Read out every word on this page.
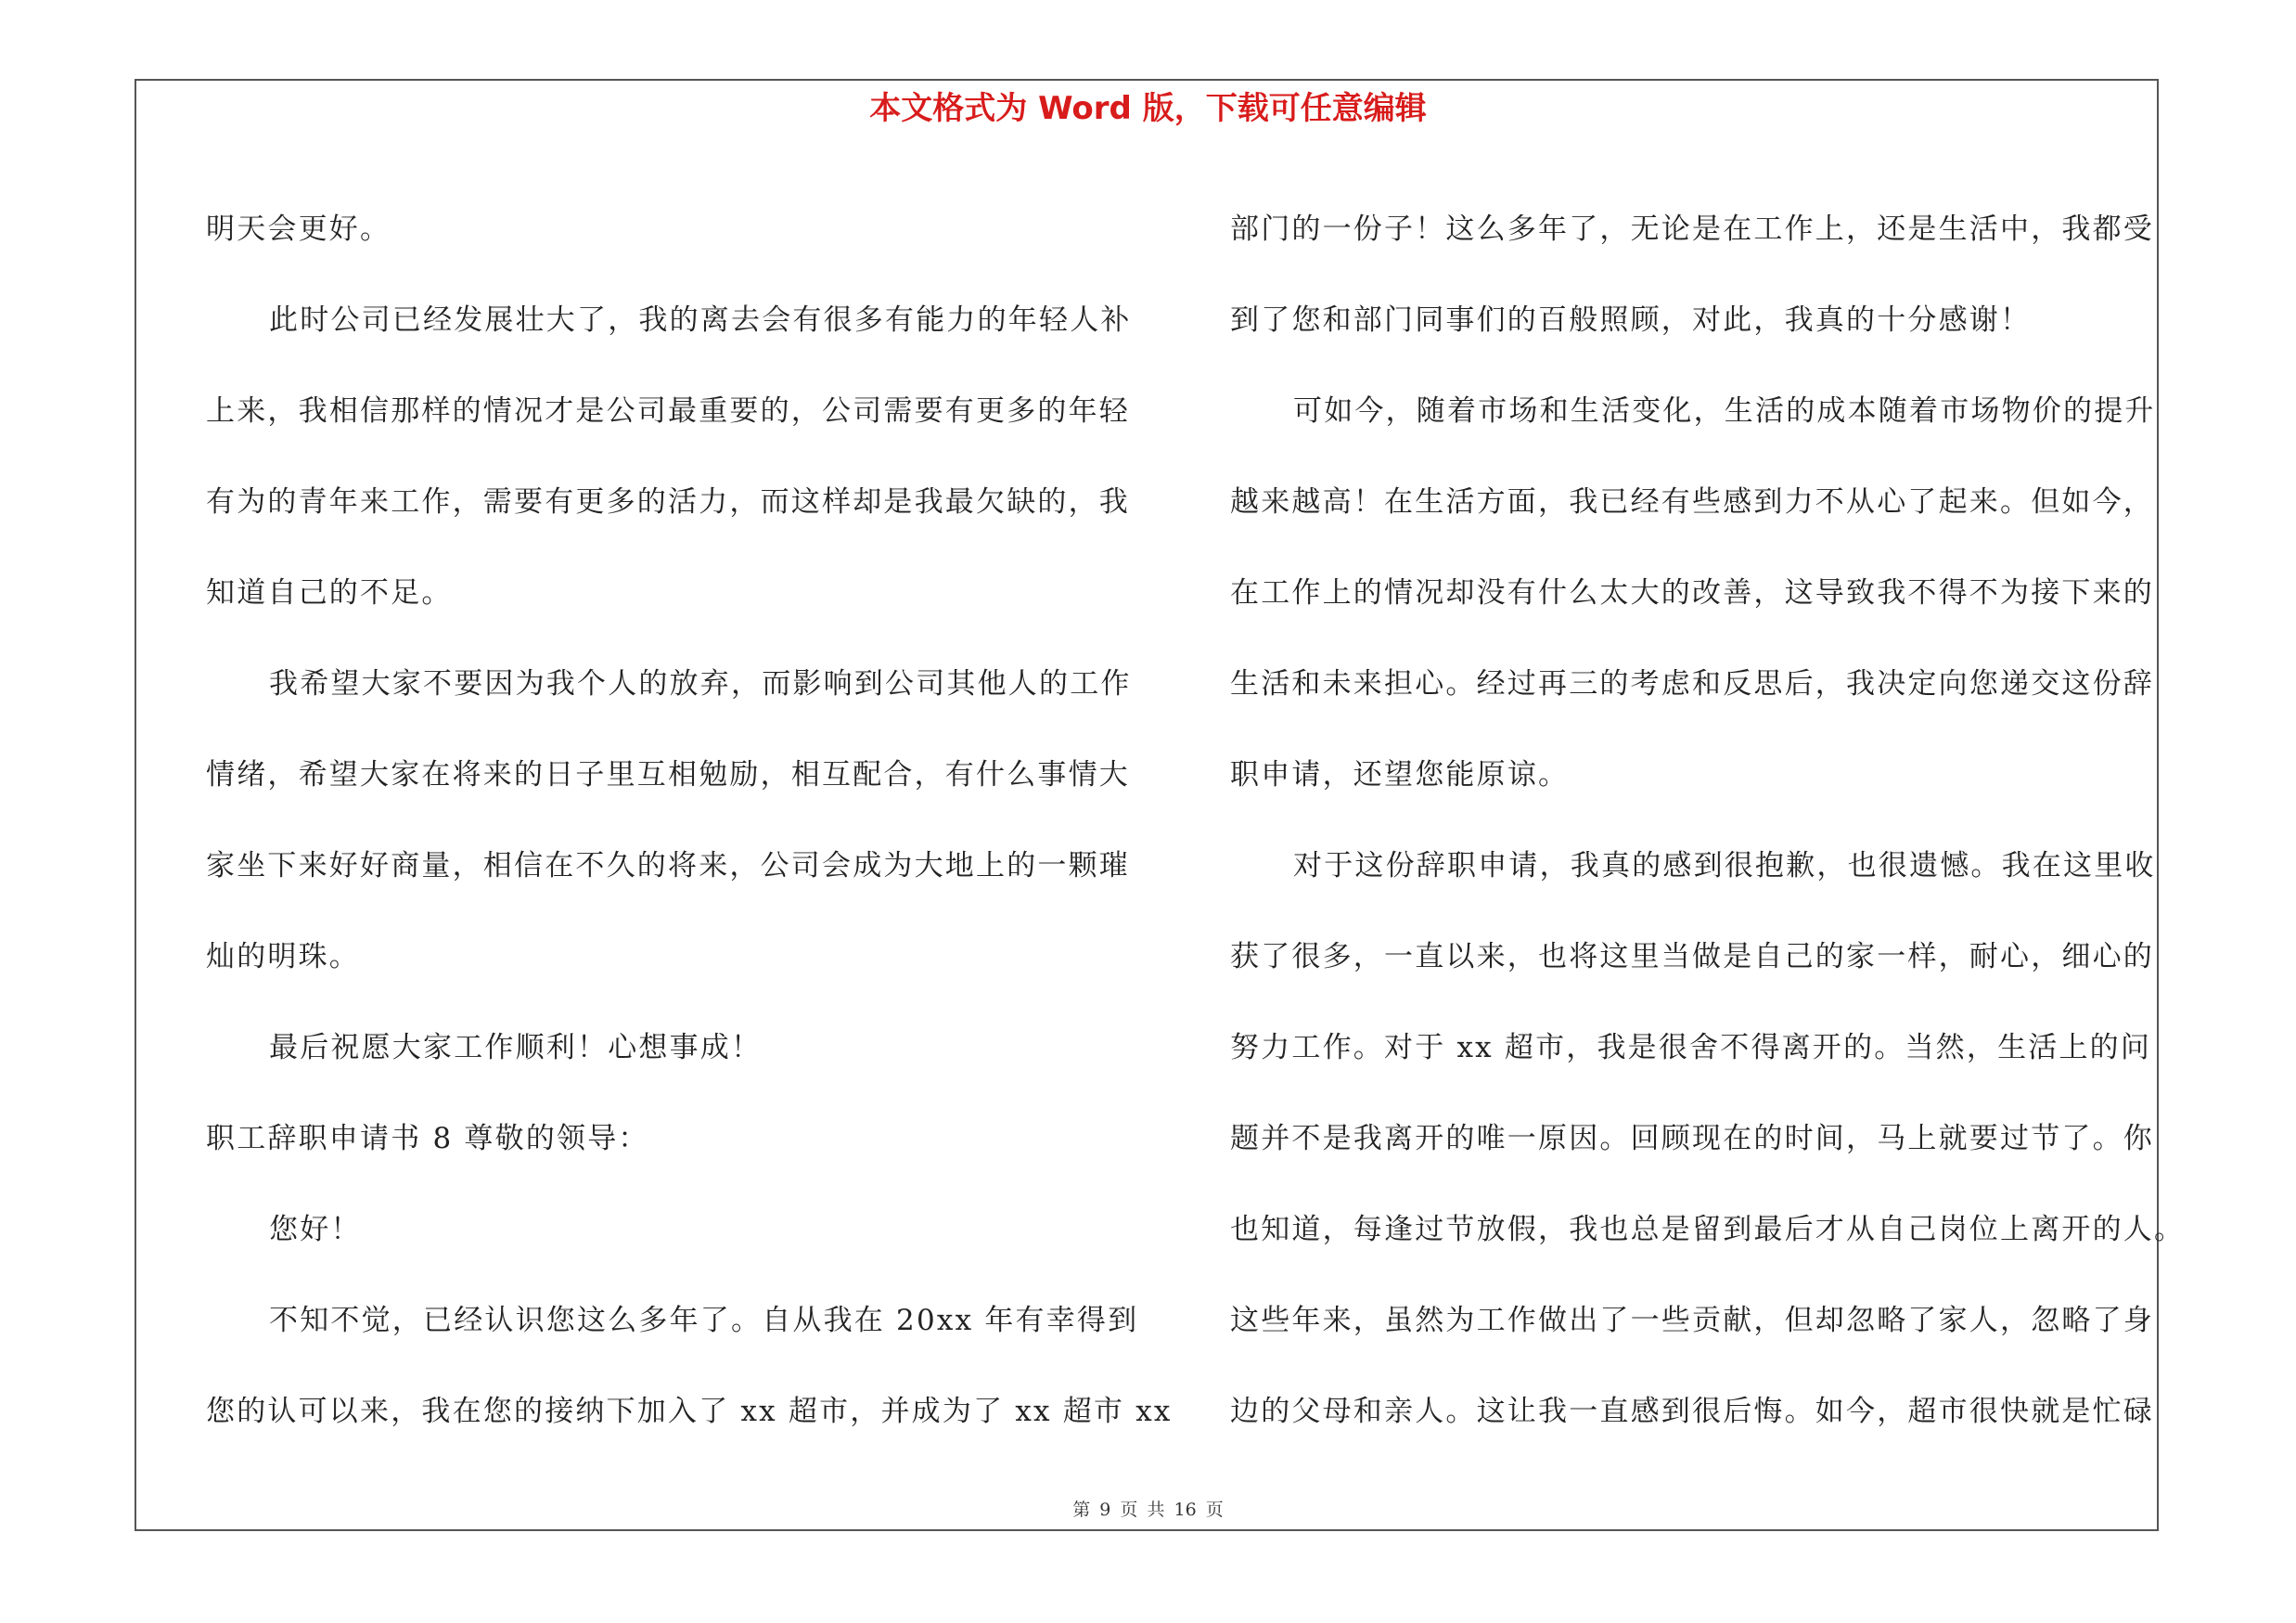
本文格式为 Word 版，下载可任意编辑

明天会更好。

此时公司已经发展壮大了，我的离去会有很多有能力的年轻人补

上来，我相信那样的情况才是公司最重要的，公司需要有更多的年轻

有为的青年来工作，需要有更多的活力，而这样却是我最欠缺的，我

知道自己的不足。

我希望大家不要因为我个人的放弃，而影响到公司其他人的工作

情绪，希望大家在将来的日子里互相勉励，相互配合，有什么事情大

家坐下来好好商量，相信在不久的将来，公司会成为大地上的一颗璀

灿的明珠。

最后祝愿大家工作顺利！心想事成！

职工辞职申请书 8 尊敬的领导：

您好！

不知不觉，已经认识您这么多年了。自从我在 20xx 年有幸得到

您的认可以来，我在您的接纳下加入了 xx 超市，并成为了 xx 超市 xx

部门的一份子！这么多年了，无论是在工作上，还是生活中，我都受

到了您和部门同事们的百般照顾，对此，我真的十分感谢！

可如今，随着市场和生活变化，生活的成本随着市场物价的提升

越来越高！在生活方面，我已经有些感到力不从心了起来。但如今，

在工作上的情况却没有什么太大的改善，这导致我不得不为接下来的

生活和未来担心。经过再三的考虑和反思后，我决定向您递交这份辞

职申请，还望您能原谅。

对于这份辞职申请，我真的感到很抱歉，也很遗憾。我在这里收

获了很多，一直以来，也将这里当做是自己的家一样，耐心，细心的

努力工作。对于 xx 超市，我是很舍不得离开的。当然，生活上的问

题并不是我离开的唯一原因。回顾现在的时间，马上就要过节了。你

也知道，每逢过节放假，我也总是留到最后才从自己岗位上离开的人。

这些年来，虽然为工作做出了一些贡献，但却忽略了家人，忽略了身

边的父母和亲人。这让我一直感到很后悔。如今，超市很快就是忙碌

第 9 页 共 16 页
